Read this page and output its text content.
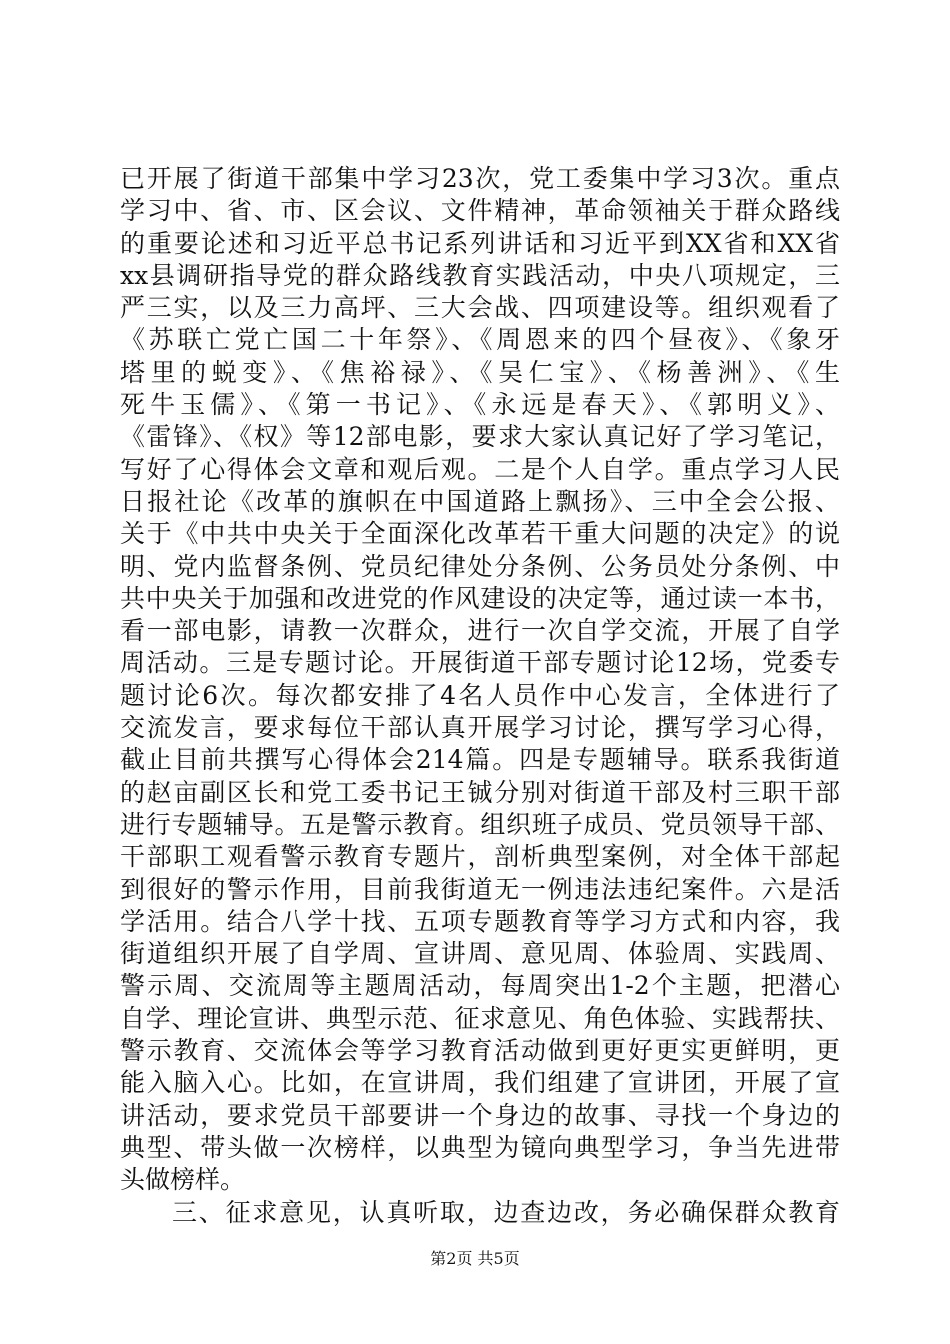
已开展了街道干部集中学习23次，党工委集中学习3次。重点
学习中、省、市、区会议、文件精神，革命领袖关于群众路线
的重要论述和习近平总书记系列讲话和习近平到XX省和XX省
xx县调研指导党的群众路线教育实践活动，中央八项规定，三
严三实，以及三力高坪、三大会战、四项建设等。组织观看了
《苏联亡党亡国二十年祭》、《周恩来的四个昼夜》、《象牙
塔里的蜕变》、《焦裕禄》、《吴仁宝》、《杨善洲》、《生
死牛玉儒》、《第一书记》、《永远是春天》、《郭明义》、
《雷锋》、《权》等12部电影，要求大家认真记好了学习笔记，
写好了心得体会文章和观后观。二是个人自学。重点学习人民
日报社论《改革的旗帜在中国道路上飘扬》、三中全会公报、
关于《中共中央关于全面深化改革若干重大问题的决定》的说
明、党内监督条例、党员纪律处分条例、公务员处分条例、中
共中央关于加强和改进党的作风建设的决定等，通过读一本书，
看一部电影，请教一次群众，进行一次自学交流，开展了自学
周活动。三是专题讨论。开展街道干部专题讨论12场，党委专
题讨论6次。每次都安排了4名人员作中心发言，全体进行了
交流发言，要求每位干部认真开展学习讨论，撰写学习心得，
截止目前共撰写心得体会214篇。四是专题辅导。联系我街道
的赵亩副区长和党工委书记王铖分别对街道干部及村三职干部
进行专题辅导。五是警示教育。组织班子成员、党员领导干部、
干部职工观看警示教育专题片，剖析典型案例，对全体干部起
到很好的警示作用，目前我街道无一例违法违纪案件。六是活
学活用。结合八学十找、五项专题教育等学习方式和内容，我
街道组织开展了自学周、宣讲周、意见周、体验周、实践周、
警示周、交流周等主题周活动，每周突出1-2个主题，把潜心
自学、理论宣讲、典型示范、征求意见、角色体验、实践帮扶、
警示教育、交流体会等学习教育活动做到更好更实更鲜明，更
能入脑入心。比如，在宣讲周，我们组建了宣讲团，开展了宣
讲活动，要求党员干部要讲一个身边的故事、寻找一个身边的
典型、带头做一次榜样，以典型为镜向典型学习，争当先进带
头做榜样。
三、征求意见，认真听取，边查边改，务必确保群众教育
第2页 共5页
